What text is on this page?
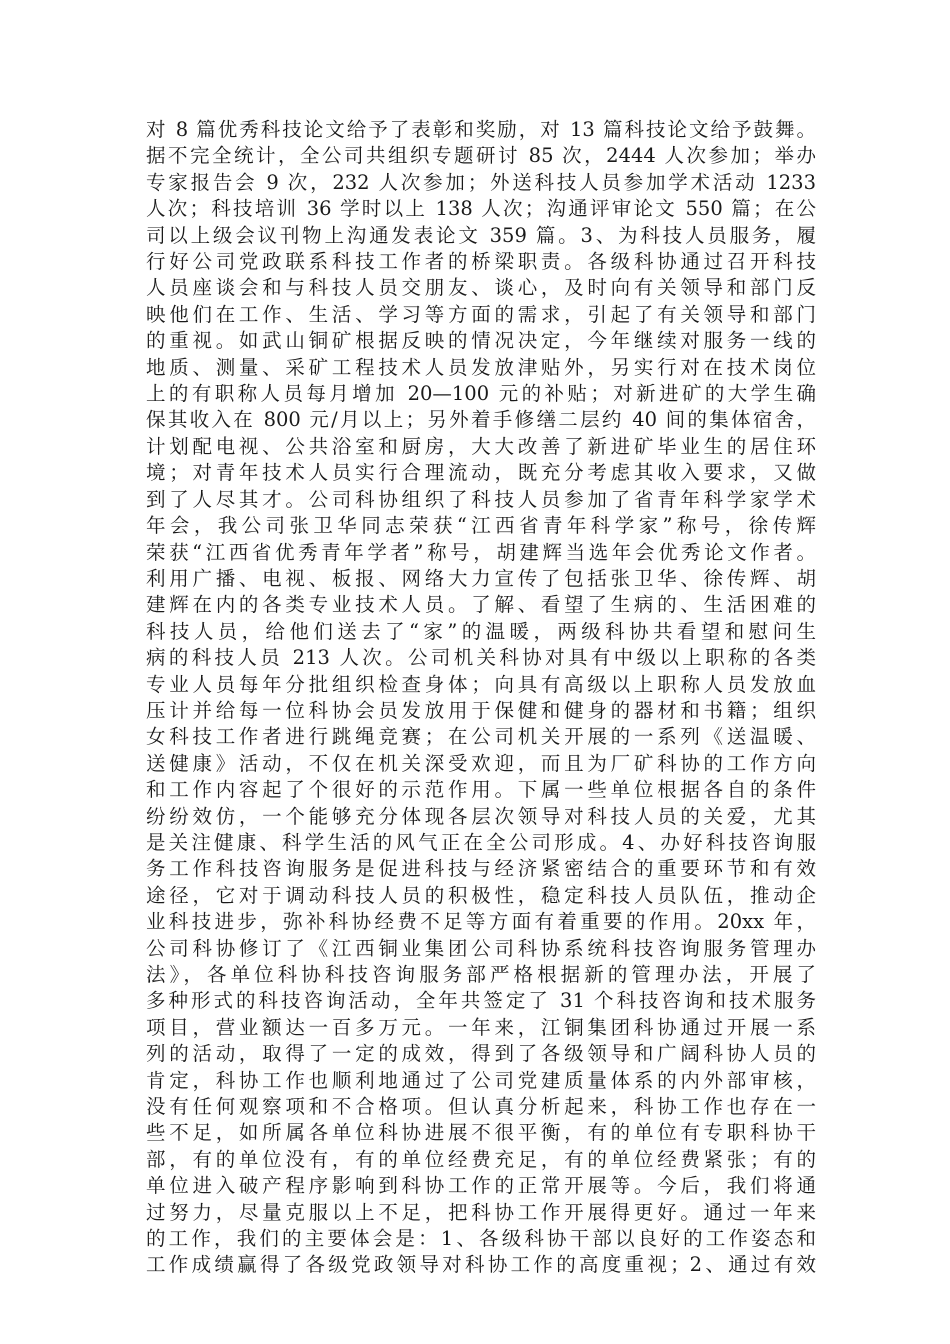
对 8 篇优秀科技论文给予了表彰和奖励，对 13 篇科技论文给予鼓舞。
据不完全统计，全公司共组织专题研讨 85 次，2444 人次参加；举办
专家报告会 9 次，232 人次参加；外送科技人员参加学术活动 1233
人次；科技培训 36 学时以上 138 人次；沟通评审论文 550 篇；在公
司以上级会议刊物上沟通发表论文 359 篇。3、为科技人员服务，履
行好公司党政联系科技工作者的桥梁职责。各级科协通过召开科技
人员座谈会和与科技人员交朋友、谈心，及时向有关领导和部门反
映他们在工作、生活、学习等方面的需求，引起了有关领导和部门
的重视。如武山铜矿根据反映的情况决定，今年继续对服务一线的
地质、测量、采矿工程技术人员发放津贴外，另实行对在技术岗位
上的有职称人员每月增加 20—100 元的补贴；对新进矿的大学生确
保其收入在 800 元/月以上；另外着手修缮二层约 40 间的集体宿舍，
计划配电视、公共浴室和厨房，大大改善了新进矿毕业生的居住环
境；对青年技术人员实行合理流动，既充分考虑其收入要求，又做
到了人尽其才。公司科协组织了科技人员参加了省青年科学家学术
年会，我公司张卫华同志荣获“江西省青年科学家”称号，徐传辉
荣获“江西省优秀青年学者”称号，胡建辉当选年会优秀论文作者。
利用广播、电视、板报、网络大力宣传了包括张卫华、徐传辉、胡
建辉在内的各类专业技术人员。了解、看望了生病的、生活困难的
科技人员，给他们送去了“家”的温暖，两级科协共看望和慰问生
病的科技人员 213 人次。公司机关科协对具有中级以上职称的各类
专业人员每年分批组织检查身体；向具有高级以上职称人员发放血
压计并给每一位科协会员发放用于保健和健身的器材和书籍；组织
女科技工作者进行跳绳竞赛；在公司机关开展的一系列《送温暖、
送健康》活动，不仅在机关深受欢迎，而且为厂矿科协的工作方向
和工作内容起了个很好的示范作用。下属一些单位根据各自的条件
纷纷效仿，一个能够充分体现各层次领导对科技人员的关爱，尤其
是关注健康、科学生活的风气正在全公司形成。4、办好科技咨询服
务工作科技咨询服务是促进科技与经济紧密结合的重要环节和有效
途径，它对于调动科技人员的积极性，稳定科技人员队伍，推动企
业科技进步，弥补科协经费不足等方面有着重要的作用。20xx 年，
公司科协修订了《江西铜业集团公司科协系统科技咨询服务管理办
法》，各单位科协科技咨询服务部严格根据新的管理办法，开展了
多种形式的科技咨询活动，全年共签定了 31 个科技咨询和技术服务
项目，营业额达一百多万元。一年来，江铜集团科协通过开展一系
列的活动，取得了一定的成效，得到了各级领导和广阔科协人员的
肯定，科协工作也顺利地通过了公司党建质量体系的内外部审核，
没有任何观察项和不合格项。但认真分析起来，科协工作也存在一
些不足，如所属各单位科协进展不很平衡，有的单位有专职科协干
部，有的单位没有，有的单位经费充足，有的单位经费紧张；有的
单位进入破产程序影响到科协工作的正常开展等。今后，我们将通
过努力，尽量克服以上不足，把科协工作开展得更好。通过一年来
的工作，我们的主要体会是：1、各级科协干部以良好的工作姿态和
工作成绩赢得了各级党政领导对科协工作的高度重视；2、通过有效
